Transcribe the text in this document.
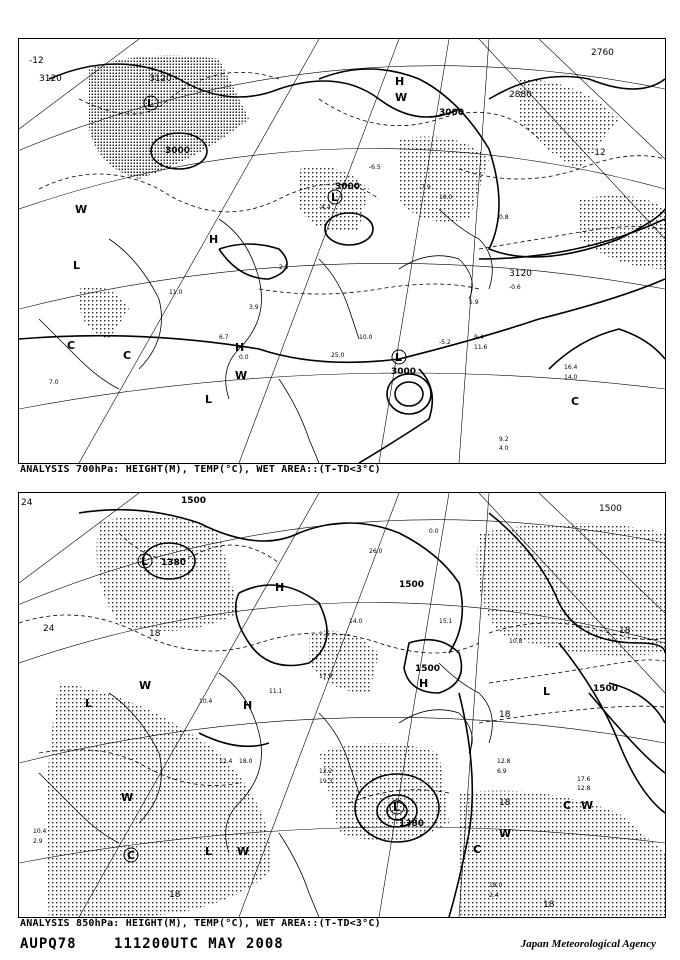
10.0
25.0
-5.2
9.4
11.6
16.4
14.0
9.2
4.0
6.7
-7.9
10.0
2.5
3.9
11.0
7.0
-6.5
-4.4
0.0
5.9
-0.6
0.8
3120
3000
3000
3000
3000
2880
2760
3120
3120
-12
-12
L
L
L
H
W
W
L
H
H
W
L
C
C
C
ANALYSIS 700hPa: HEIGHT(M), TEMP(°C), WET AREA::(T-TD<3°C)
12.2
19.3
12.8
6.9
17.6
12.8
18.0
2.4
10.4
2.9
10.4
18.0
14.0
26.0
0.0
15.1
10.8
17.9
11.1
12.4
1500
1380
1500
1500
1500
1380
1500
24
24	18
18
18
18
18
18
L
L
C
H
H
H
W
W
W
W
W
L
L
L
C
C
ANALYSIS 850hPa: HEIGHT(M), TEMP(°C), WET AREA::(T-TD<3°C)
AUPQ78	111200UTC MAY 2008	Japan Meteorological Agency
